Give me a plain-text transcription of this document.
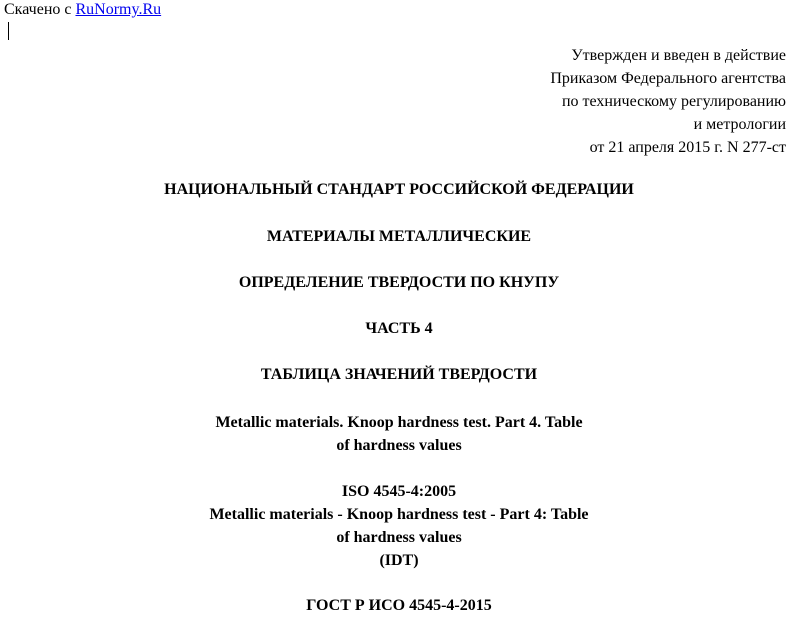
Скачено с RuNormy.Ru
Утвержден и введен в действие
Приказом Федерального агентства
по техническому регулированию
и метрологии
от 21 апреля 2015 г. N 277-ст
НАЦИОНАЛЬНЫЙ СТАНДАРТ РОССИЙСКОЙ ФЕДЕРАЦИИ
МАТЕРИАЛЫ МЕТАЛЛИЧЕСКИЕ
ОПРЕДЕЛЕНИЕ ТВЕРДОСТИ ПО КНУПУ
ЧАСТЬ 4
ТАБЛИЦА ЗНАЧЕНИЙ ТВЕРДОСТИ
Metallic materials. Knoop hardness test. Part 4. Table
of hardness values
ISO 4545-4:2005
Metallic materials - Knoop hardness test - Part 4: Table
of hardness values
(IDT)
ГОСТ Р ИСО 4545-4-2015
